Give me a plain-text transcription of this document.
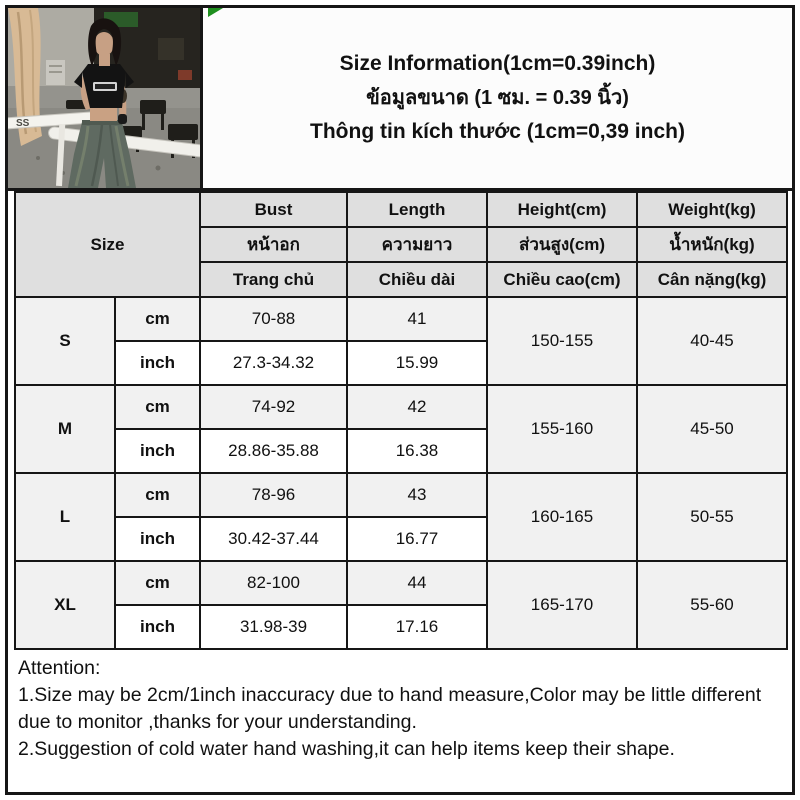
SS
Size Information(1cm=0.39inch)
ข้อมูลขนาด (1 ซม. = 0.39 นิ้ว)
Thông tin kích thước (1cm=0,39 inch)
Size		Bust	Length	Height(cm)	Weight(kg)
		หน้าอก	ความยาว	ส่วนสูง(cm)	น้ำหนัก(kg)
		Trang chủ	Chiều dài	Chiều cao(cm)	Cân nặng(kg)
S	cm	70-88	41	150-155	40-45
	inch	27.3-34.32	15.99		
M	cm	74-92	42	155-160	45-50
	inch	28.86-35.88	16.38		
L	cm	78-96	43	160-165	50-55
	inch	30.42-37.44	16.77		
XL	cm	82-100	44	165-170	55-60
	inch	31.98-39	17.16		
Attention:
1.Size may be 2cm/1inch inaccuracy due to hand measure,Color may be little different due to monitor ,thanks for your understanding.
2.Suggestion of cold water hand washing,it can help items keep their shape.
